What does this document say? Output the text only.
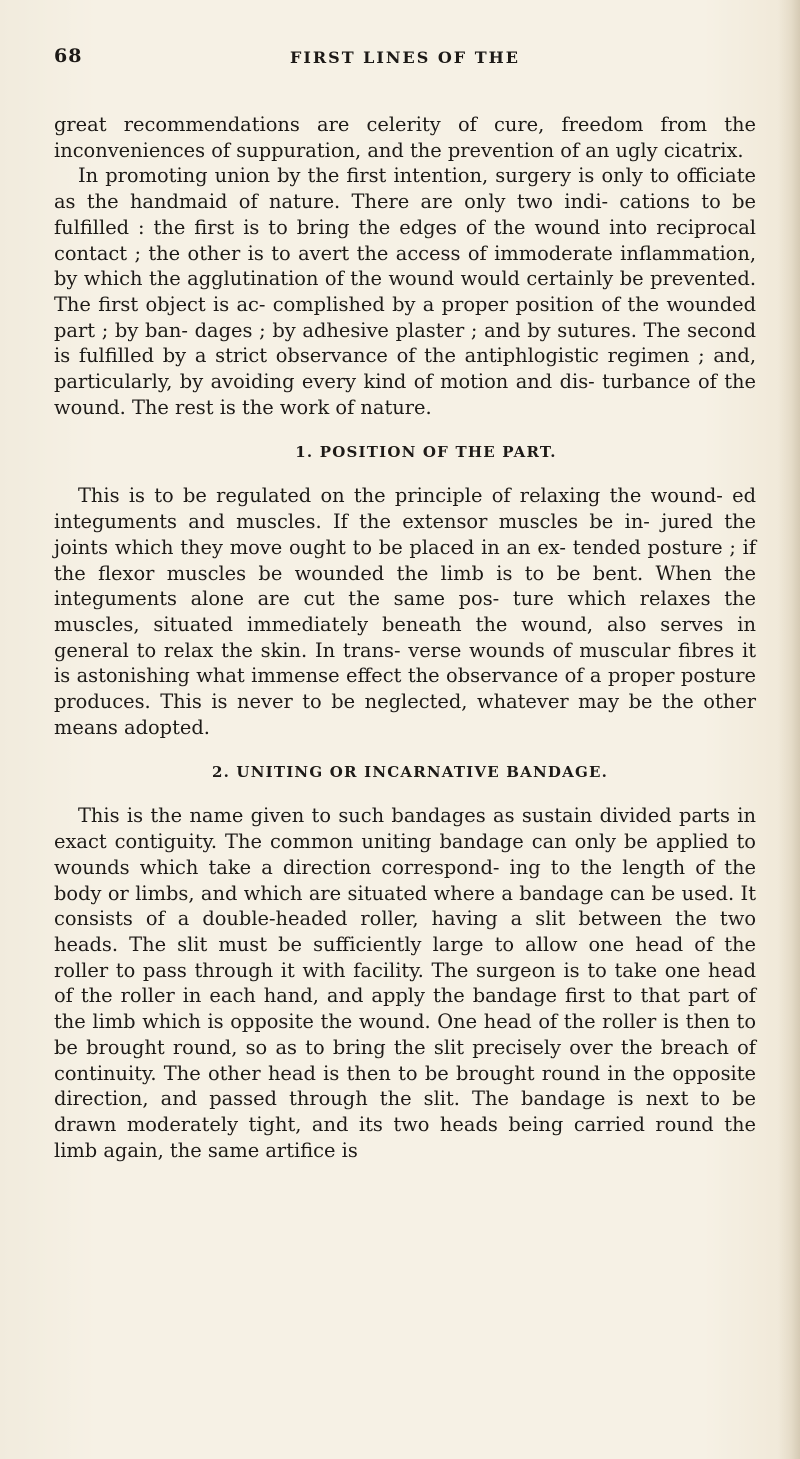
68	FIRST LINES OF THE

great recommendations are celerity of cure, freedom from the inconveniences of suppuration, and the prevention of an ugly cicatrix.

In promoting union by the first intention, surgery is only to officiate as the handmaid of nature. There are only two indi- cations to be fulfilled : the first is to bring the edges of the wound into reciprocal contact ; the other is to avert the access of immoderate inflammation, by which the agglutination of the wound would certainly be prevented. The first object is ac- complished by a proper position of the wounded part ; by ban- dages ; by adhesive plaster ; and by sutures. The second is fulfilled by a strict observance of the antiphlogistic regimen ; and, particularly, by avoiding every kind of motion and dis- turbance of the wound. The rest is the work of nature.

1. POSITION OF THE PART.

This is to be regulated on the principle of relaxing the wound- ed integuments and muscles. If the extensor muscles be in- jured the joints which they move ought to be placed in an ex- tended posture ; if the flexor muscles be wounded the limb is to be bent. When the integuments alone are cut the same pos- ture which relaxes the muscles, situated immediately beneath the wound, also serves in general to relax the skin. In trans- verse wounds of muscular fibres it is astonishing what immense effect the observance of a proper posture produces. This is never to be neglected, whatever may be the other means adopted.

2. UNITING OR INCARNATIVE BANDAGE.

This is the name given to such bandages as sustain divided parts in exact contiguity. The common uniting bandage can only be applied to wounds which take a direction correspond- ing to the length of the body or limbs, and which are situated where a bandage can be used. It consists of a double-headed roller, having a slit between the two heads. The slit must be sufficiently large to allow one head of the roller to pass through it with facility. The surgeon is to take one head of the roller in each hand, and apply the bandage first to that part of the limb which is opposite the wound. One head of the roller is then to be brought round, so as to bring the slit precisely over the breach of continuity. The other head is then to be brought round in the opposite direction, and passed through the slit. The bandage is next to be drawn moderately tight, and its two heads being carried round the limb again, the same artifice is
